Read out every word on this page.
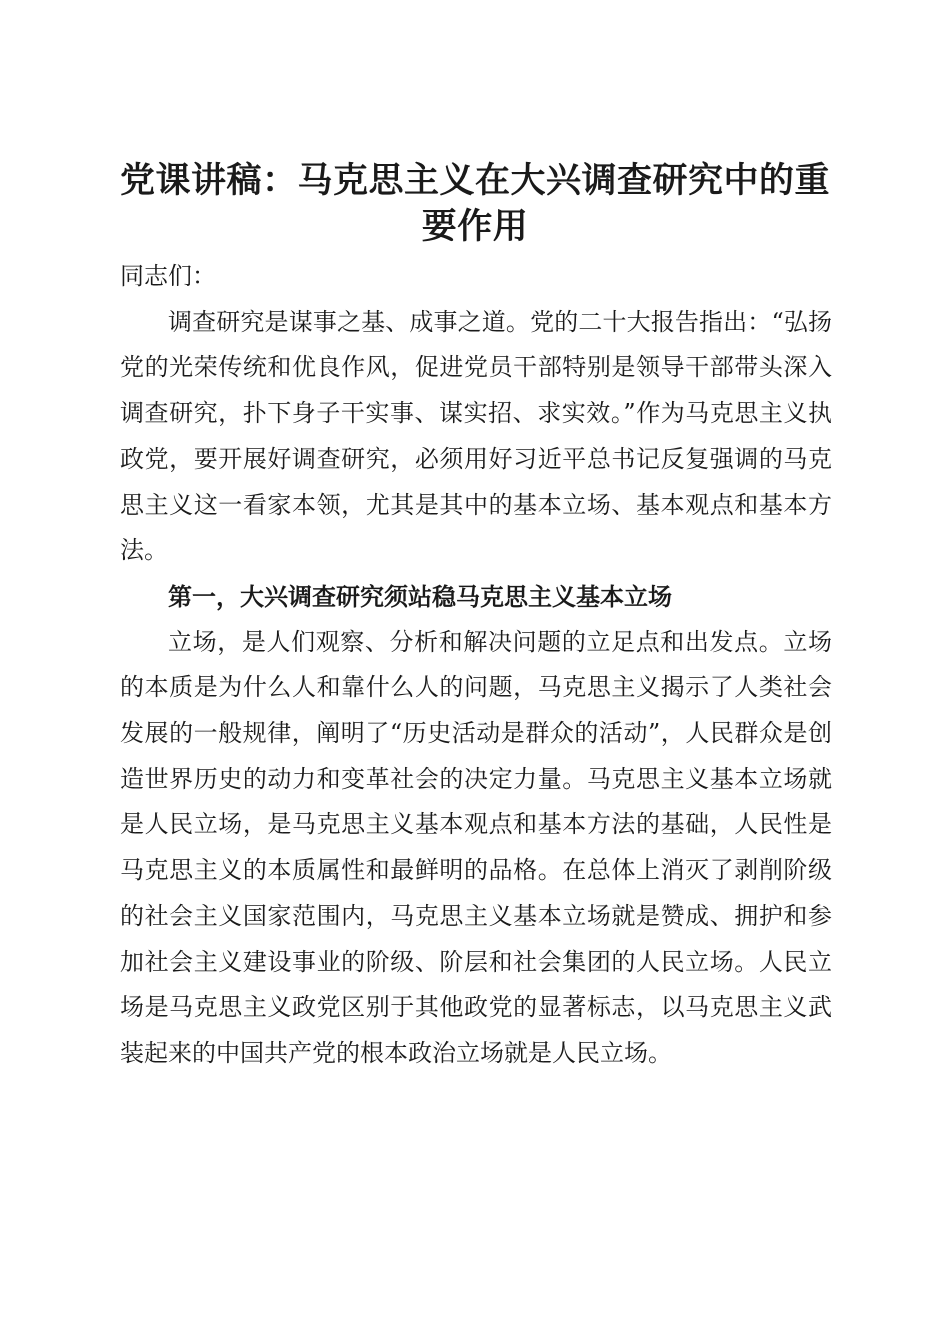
党课讲稿：马克思主义在大兴调查研究中的重要作用

同志们：

调查研究是谋事之基、成事之道。党的二十大报告指出：“弘扬党的光荣传统和优良作风，促进党员干部特别是领导干部带头深入调查研究，扑下身子干实事、谋实招、求实效。”作为马克思主义执政党，要开展好调查研究，必须用好习近平总书记反复强调的马克思主义这一看家本领，尤其是其中的基本立场、基本观点和基本方法。

第一，大兴调查研究须站稳马克思主义基本立场

立场，是人们观察、分析和解决问题的立足点和出发点。立场的本质是为什么人和靠什么人的问题，马克思主义揭示了人类社会发展的一般规律，阐明了“历史活动是群众的活动”，人民群众是创造世界历史的动力和变革社会的决定力量。马克思主义基本立场就是人民立场，是马克思主义基本观点和基本方法的基础，人民性是马克思主义的本质属性和最鲜明的品格。在总体上消灭了剥削阶级的社会主义国家范围内，马克思主义基本立场就是赞成、拥护和参加社会主义建设事业的阶级、阶层和社会集团的人民立场。人民立场是马克思主义政党区别于其他政党的显著标志，以马克思主义武装起来的中国共产党的根本政治立场就是人民立场。
